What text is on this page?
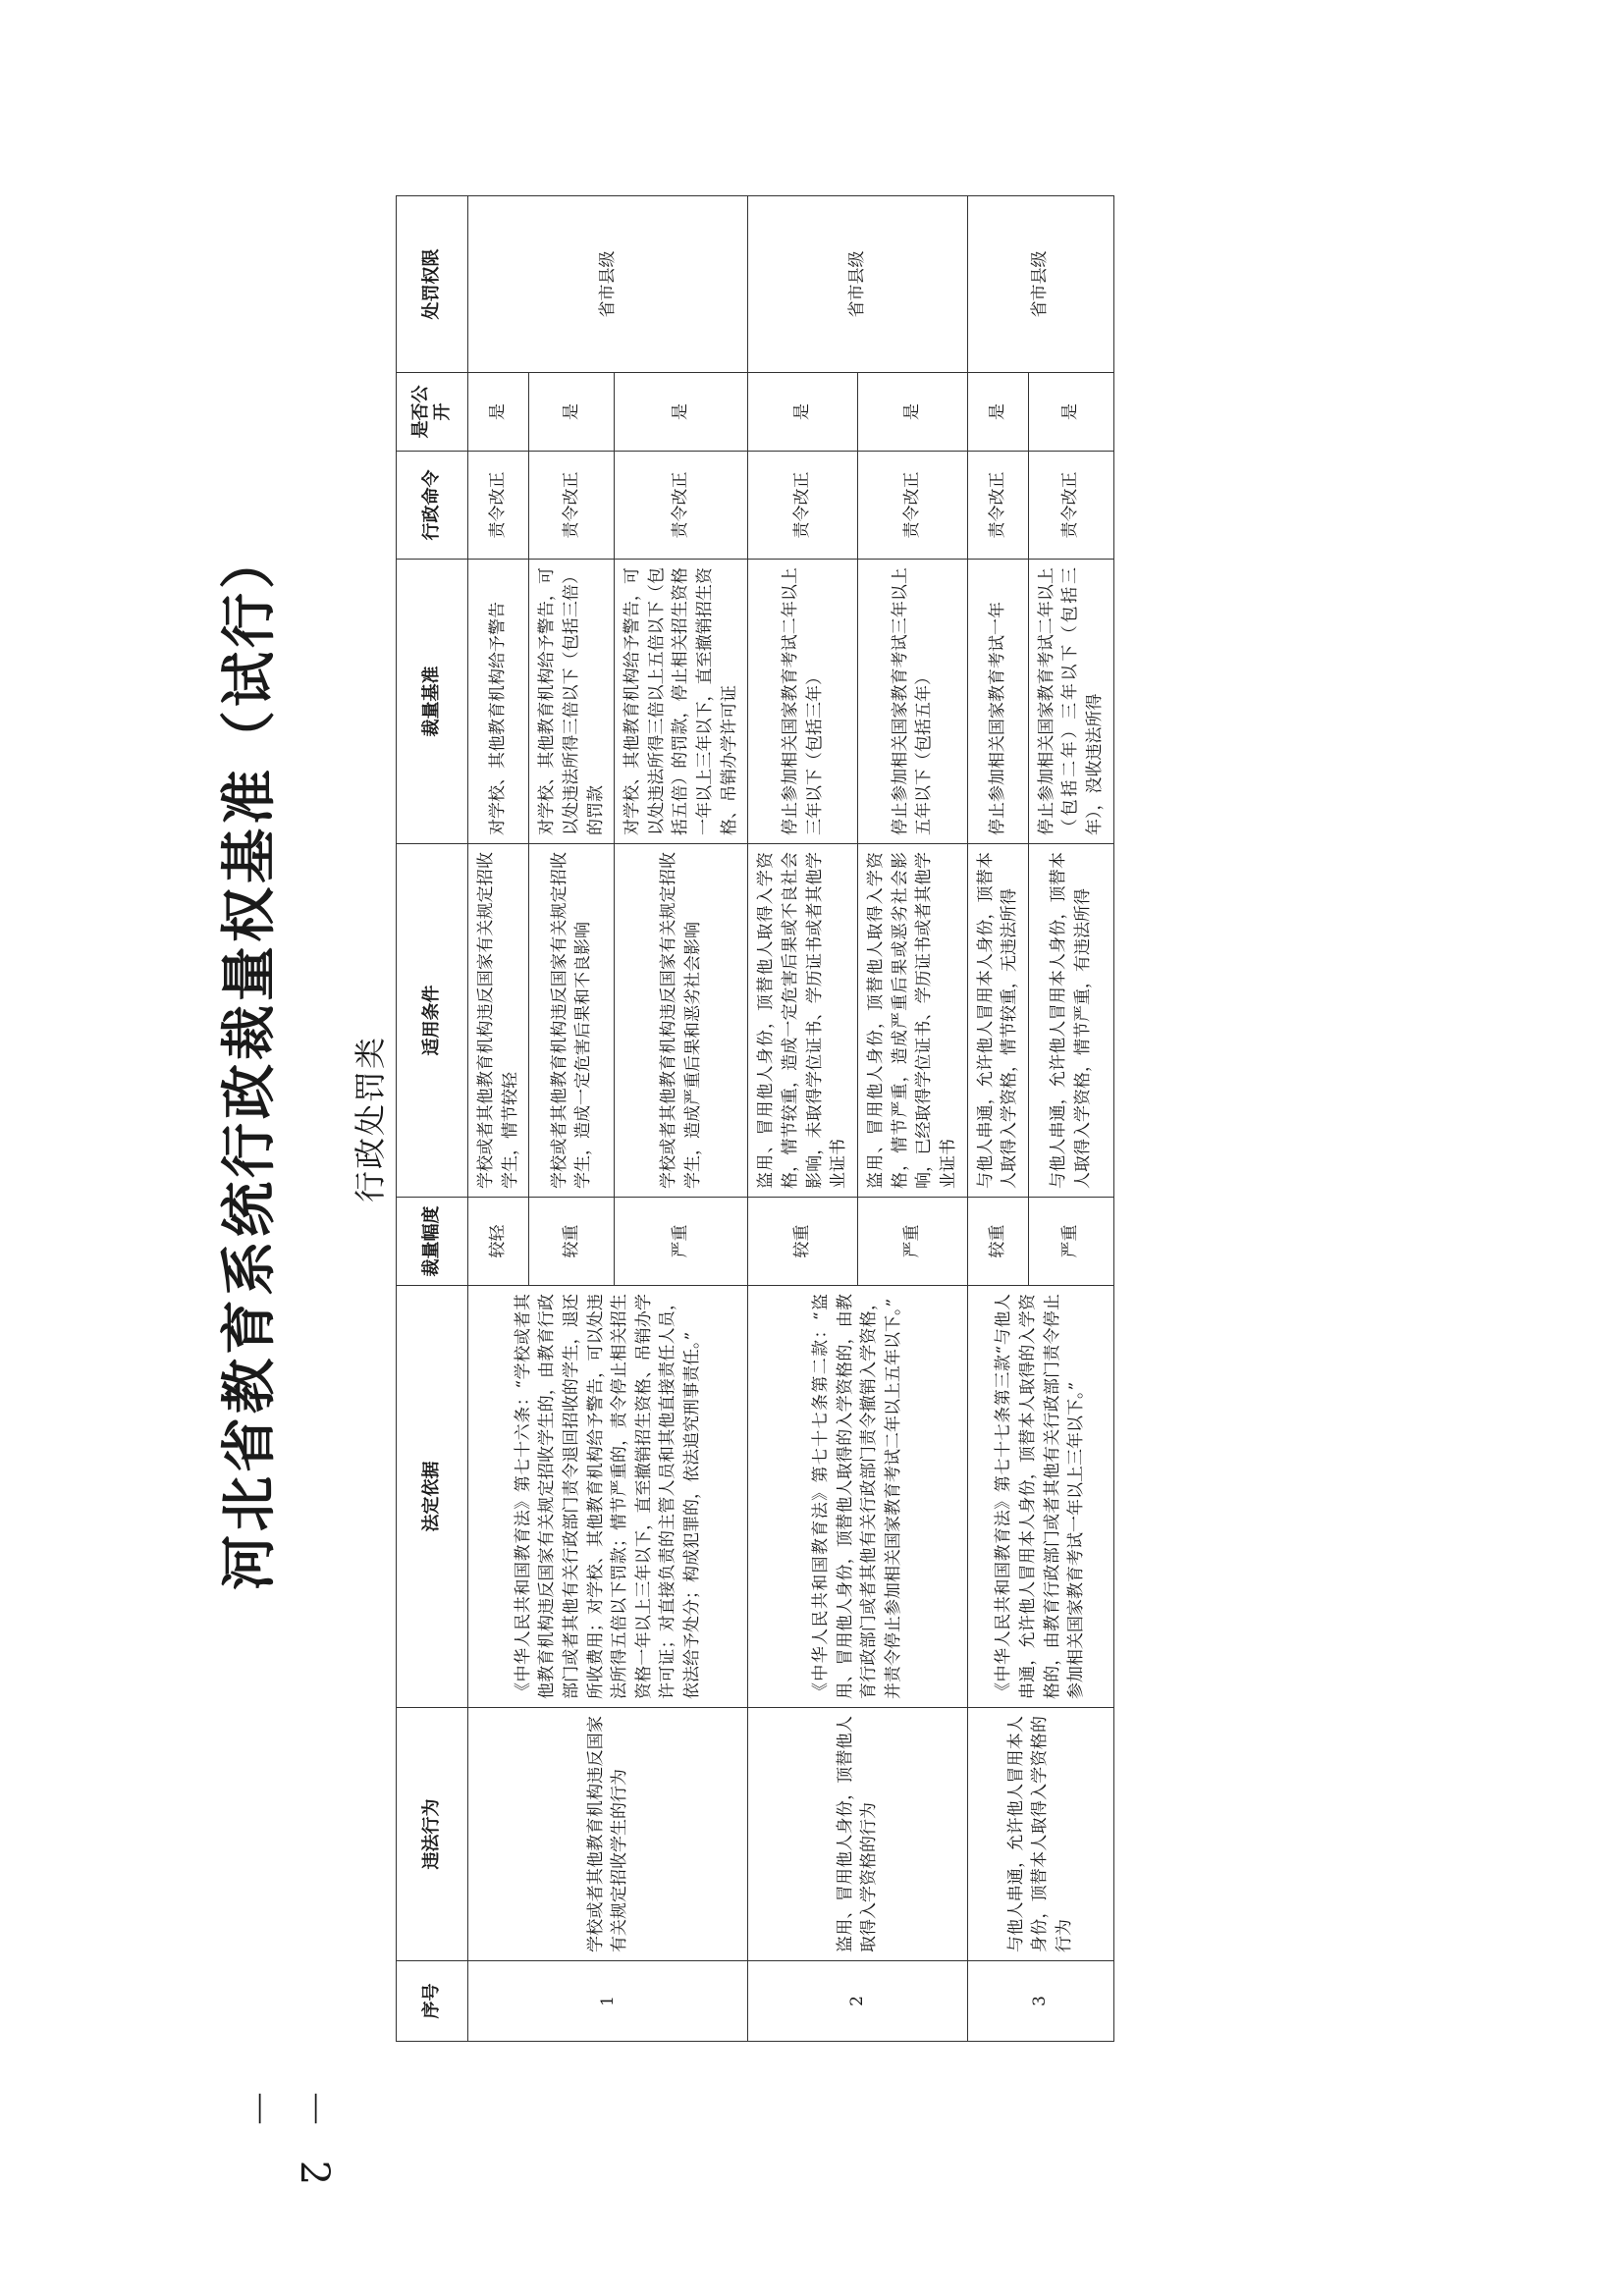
－ 2 －
河北省教育系统行政裁量权基准（试行）	行政处罚类
序号	违法行为	法定依据	裁量幅度	适用条件	裁量基准	行政命令	是否公开	处罚权限
1	学校或者其他教育机构违反国家有关规定招收学生的行为	《中华人民共和国教育法》第七十六条：“学校或者其他教育机构违反国家有关规定招收学生的，由教育行政部门或者其他有关行政部门责令退回招收的学生，退还所收费用；对学校、其他教育机构给予警告，可以处违法所得五倍以下罚款；情节严重的，责令停止相关招生资格一年以上三年以下，直至撤销招生资格、吊销办学许可证；对直接负责的主管人员和其他直接责任人员，依法给予处分；构成犯罪的，依法追究刑事责任。”	较轻	学校或者其他教育机构违反国家有关规定招收学生，情节较轻	对学校、其他教育机构给予警告	责令改正	是	省市县级
			较重	学校或者其他教育机构违反国家有关规定招收学生，造成一定危害后果和不良影响	对学校、其他教育机构给予警告，可以处违法所得三倍以下（包括三倍）的罚款	责令改正	是	
			严重	学校或者其他教育机构违反国家有关规定招收学生，造成严重后果和恶劣社会影响	对学校、其他教育机构给予警告，可以处违法所得三倍以上五倍以下（包括五倍）的罚款，停止相关招生资格一年以上三年以下，直至撤销招生资格、吊销办学许可证	责令改正	是	
2	盗用、冒用他人身份，顶替他人取得入学资格的行为	《中华人民共和国教育法》第七十七条第二款：“盗用、冒用他人身份，顶替他人取得的入学资格的，由教育行政部门或者其他有关行政部门责令撤销入学资格，并责令停止参加相关国家教育考试二年以上五年以下。”	较重	盗用、冒用他人身份，顶替他人取得入学资格，情节较重，造成一定危害后果或不良社会影响，未取得学位证书、学历证书或者其他学业证书	停止参加相关国家教育考试二年以上三年以下（包括三年）	责令改正	是	省市县级
			严重	盗用、冒用他人身份，顶替他人取得入学资格，情节严重，造成严重后果或恶劣社会影响，已经取得学位证书、学历证书或者其他学业证书	停止参加相关国家教育考试三年以上五年以下（包括五年）	责令改正	是	
3	与他人串通，允许他人冒用本人身份，顶替本人取得入学资格的行为	《中华人民共和国教育法》第七十七条第三款“与他人串通，允许他人冒用本人身份，顶替本人取得的入学资格的，由教育行政部门或者其他有关行政部门责令停止参加相关国家教育考试一年以上三年以下。”	较重	与他人串通，允许他人冒用本人身份，顶替本人取得入学资格，情节较重，无违法所得	停止参加相关国家教育考试一年	责令改正	是	省市县级
			严重	与他人串通，允许他人冒用本人身份，顶替本人取得入学资格，情节严重，有违法所得	停止参加相关国家教育考试二年以上（包括二年）三年以下（包括三年），没收违法所得	责令改正	是	
